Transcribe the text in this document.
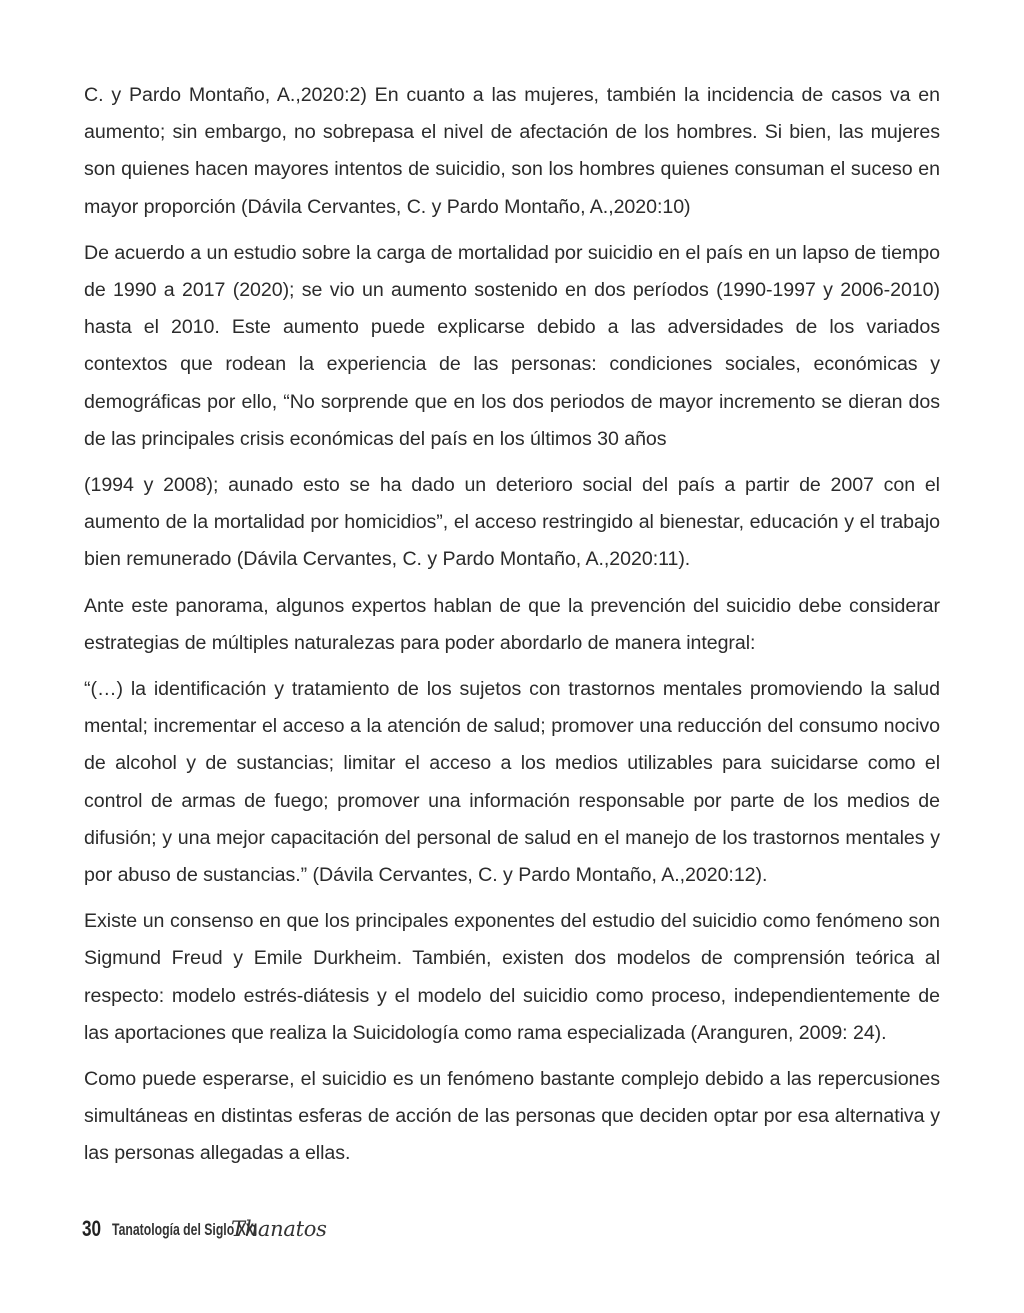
C. y Pardo Montaño, A.,2020:2) En cuanto a las mujeres, también la incidencia de casos va en aumento; sin embargo, no sobrepasa el nivel de afectación de los hombres. Si bien, las mujeres son quienes hacen mayores intentos de suicidio, son los hombres quienes consuman el suceso en mayor proporción (Dávila Cervantes, C. y Pardo Montaño, A.,2020:10)

De acuerdo a un estudio sobre la carga de mortalidad por suicidio en el país en un lapso de tiempo de 1990 a 2017 (2020); se vio un aumento sostenido en dos períodos (1990-1997 y 2006-2010) hasta el 2010. Este aumento puede explicarse debido a las adversidades de los variados contextos que rodean la experiencia de las personas: condiciones sociales, económicas y demográficas por ello, “No sorprende que en los dos periodos de mayor incremento se dieran dos de las principales crisis económicas del país en los últimos 30 años

(1994 y 2008); aunado esto se ha dado un deterioro social del país a partir de 2007 con el aumento de la mortalidad por homicidios”, el acceso restringido al bienestar, educación y el trabajo bien remunerado (Dávila Cervantes, C. y Pardo Montaño, A.,2020:11).

Ante este panorama, algunos expertos hablan de que la prevención del suicidio debe considerar estrategias de múltiples naturalezas para poder abordarlo de manera integral:

“(…) la identificación y tratamiento de los sujetos con trastornos mentales promoviendo la salud mental; incrementar el acceso a la atención de salud; promover una reducción del consumo nocivo de alcohol y de sustancias; limitar el acceso a los medios utilizables para suicidarse como el control de armas de fuego; promover una información responsable por parte de los medios de difusión; y una mejor capacitación del personal de salud en el manejo de los trastornos mentales y por abuso de sustancias.” (Dávila Cervantes, C. y Pardo Montaño, A.,2020:12).

Existe un consenso en que los principales exponentes del estudio del suicidio como fenómeno son Sigmund Freud y Emile Durkheim. También, existen dos modelos de comprensión teórica al respecto: modelo estrés-diátesis y el modelo del suicidio como proceso, independientemente de las aportaciones que realiza la Suicidología como rama especializada (Aranguren, 2009: 24).

Como puede esperarse, el suicidio es un fenómeno bastante complejo debido a las repercusiones simultáneas en distintas esferas de acción de las personas que deciden optar por esa alternativa y las personas allegadas a ellas.

30 Tanatología del Siglo XXI
Thanatos
